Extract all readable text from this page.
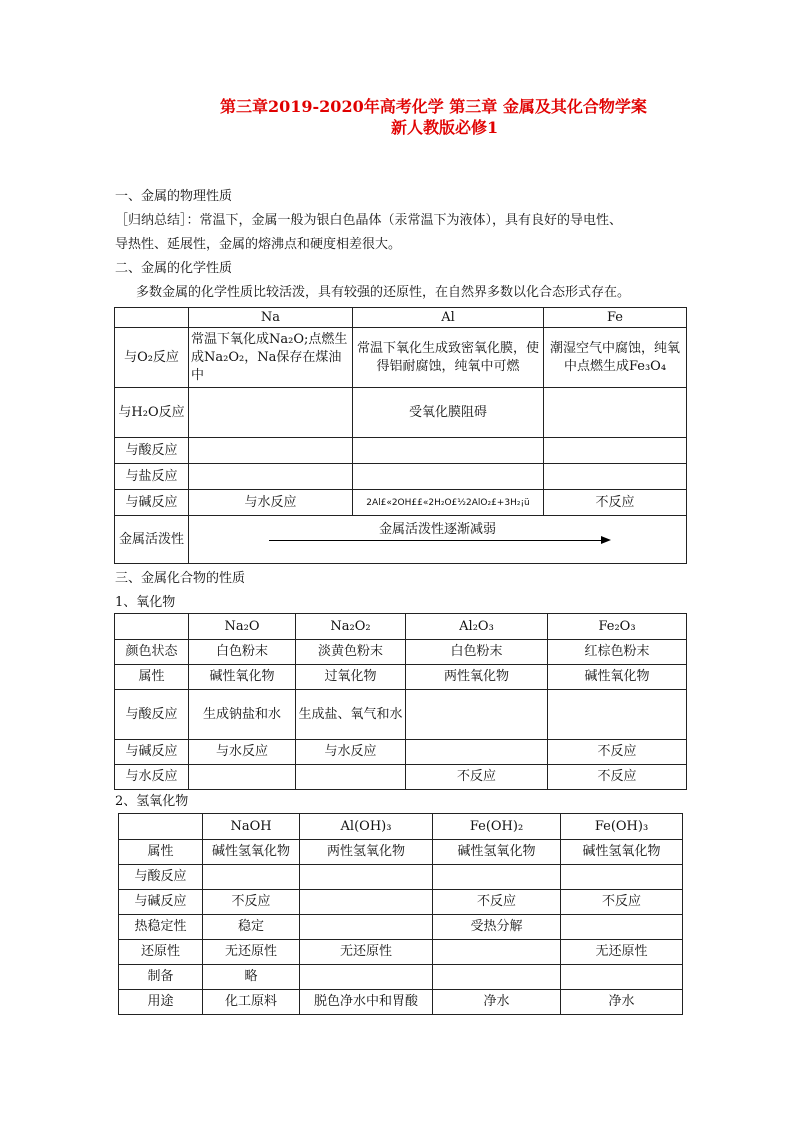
第三章2019-2020年高考化学 第三章 金属及其化合物学案
新人教版必修1
一、金属的物理性质
［归纳总结］：常温下，金属一般为银白色晶体（汞常温下为液体），具有良好的导电性、
导热性、延展性，金属的熔沸点和硬度相差很大。
二、金属的化学性质
多数金属的化学性质比较活泼，具有较强的还原性，在自然界多数以化合态形式存在。
	Na	Al	Fe
与O₂反应	常温下氧化成Na₂O;点燃生成Na₂O₂，Na保存在煤油中	常温下氧化生成致密氧化膜，使得铝耐腐蚀，纯氧中可燃	潮湿空气中腐蚀，纯氧中点燃生成Fe₃O₄
与H₂O反应		受氧化膜阻碍	
与酸反应			
与盐反应			
与碱反应	与水反应	2Al£«2OH££«2H₂O£½2AlO₂£+3H₂¡ü	不反应
金属活泼性	金属活泼性逐渐减弱		
三、金属化合物的性质
1、氧化物
	Na₂O	Na₂O₂	Al₂O₃	Fe₂O₃
颜色状态	白色粉末	淡黄色粉末	白色粉末	红棕色粉末
属性	碱性氧化物	过氧化物	两性氧化物	碱性氧化物
与酸反应	生成钠盐和水	生成盐、氧气和水		
与碱反应	与水反应	与水反应		不反应
与水反应			不反应	不反应
2、氢氧化物
	NaOH	Al(OH)₃	Fe(OH)₂	Fe(OH)₃
属性	碱性氢氧化物	两性氢氧化物	碱性氢氧化物	碱性氢氧化物
与酸反应				
与碱反应	不反应		不反应	不反应
热稳定性	稳定		受热分解	
还原性	无还原性	无还原性		无还原性
制备	略			
用途	化工原料	脱色净水中和胃酸	净水	净水
